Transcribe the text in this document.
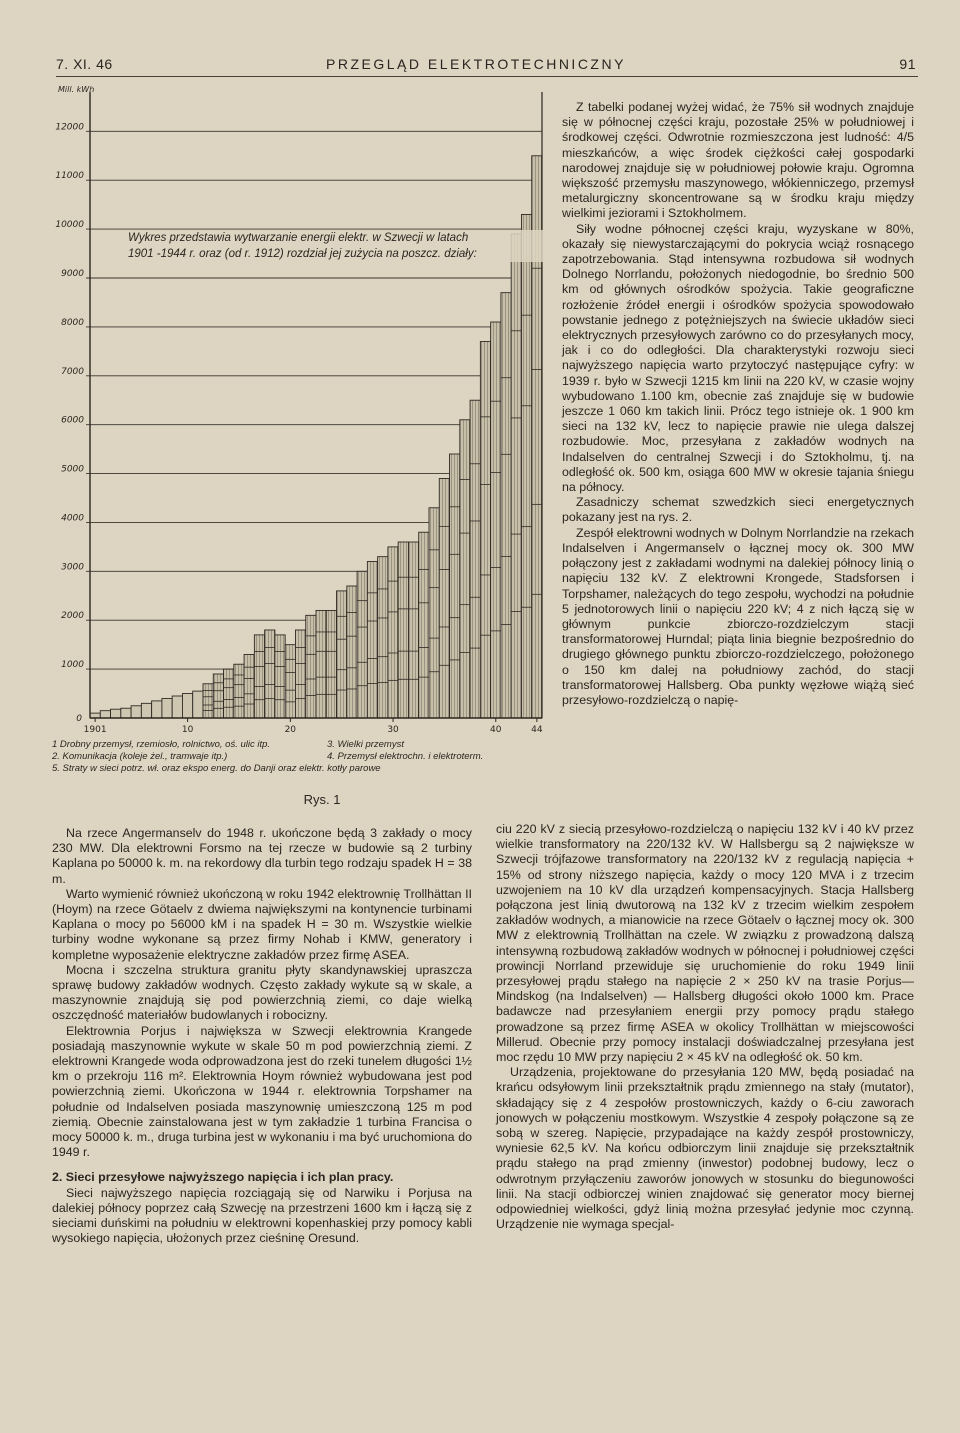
7. XI. 46	PRZEGLĄD ELEKTROTECHNICZNY	91
1000
2000
3000
4000
5000
6000
7000
8000
9000
10000
11000
12000
Mill. kWh
0
1901	10	20	30	40	44
Wykres przedstawia wytwarzanie energii elektr. w Szwecji w latach
1901 -1944 r. oraz (od r. 1912) rozdział jej zużycia na poszcz. działy:
1 Drobny przemysł, rzemiosło, rolnictwo, oś. ulic itp.	3. Wielki przemyst
2. Komunikacja (koleje żel., tramwaje itp.)	4. Przemysł elektrochn. i elektroterm.
5. Straty w sieci potrz. wł. oraz ekspo energ. do Danji oraz elektr. kotły parowe
Rys. 1

Z tabelki podanej wyżej widać, że 75% sił wodnych znajduje się w północnej części kraju, pozostałe 25% w południowej i środkowej części. Odwrotnie rozmieszczona jest ludność: 4/5 mieszkańców, a więc środek ciężkości całej gospodarki narodowej znajduje się w południowej połowie kraju. Ogromna większość przemysłu maszynowego, włókienniczego, przemysł metalurgiczny skoncentrowane są w środku kraju między wielkimi jeziorami i Sztokholmem.

Siły wodne północnej części kraju, wyzyskane w 80%, okazały się niewystarczającymi do pokrycia wciąż rosnącego zapotrzebowania. Stąd intensywna rozbudowa sił wodnych Dolnego Norrlandu, położonych niedogodnie, bo średnio 500 km od głównych ośrodków spożycia. Takie geograficzne rozłożenie źródeł energii i ośrodków spożycia spowodowało powstanie jednego z potężniejszych na świecie układów sieci elektrycznych przesyłowych zarówno co do przesyłanych mocy, jak i co do odległości. Dla charakterystyki rozwoju sieci najwyższego napięcia warto przytoczyć następujące cyfry: w 1939 r. było w Szwecji 1215 km linii na 220 kV, w czasie wojny wybudowano 1.100 km, obecnie zaś znajduje się w budowie jeszcze 1 060 km takich linii. Prócz tego istnieje ok. 1 900 km sieci na 132 kV, lecz to napięcie prawie nie ulega dalszej rozbudowie. Moc, przesyłana z zakładów wodnych na Indalselven do centralnej Szwecji i do Sztokholmu, tj. na odległość ok. 500 km, osiąga 600 MW w okresie tajania śniegu na północy.

Zasadniczy schemat szwedzkich sieci energetycznych pokazany jest na rys. 2.

Zespół elektrowni wodnych w Dolnym Norrlandzie na rzekach Indalselven i Angermanselv o łącznej mocy ok. 300 MW połączony jest z zakładami wodnymi na dalekiej północy linią o napięciu 132 kV. Z elektrowni Krongede, Stadsforsen i Torpshamer, należących do tego zespołu, wychodzi na południe 5 jednotorowych linii o napięciu 220 kV; 4 z nich łączą się w głównym punkcie zbiorczo-rozdzielczym stacji transformatorowej Hurndal; piąta linia biegnie bezpośrednio do drugiego głównego punktu zbiorczo-rozdzielczego, położonego o 150 km dalej na południowy zachód, do stacji transformatorowej Hallsberg. Oba punkty węzłowe wiążą sieć przesyłowo-rozdzielczą o napię-

Na rzece Angermanselv do 1948 r. ukończone będą 3 zakłady o mocy 230 MW. Dla elektrowni Forsmo na tej rzecze w budowie są 2 turbiny Kaplana po 50000 k. m. na rekordowy dla turbin tego rodzaju spadek H = 38 m.

Warto wymienić również ukończoną w roku 1942 elektrownię Trollhättan II (Hoym) na rzece Götaelv z dwiema największymi na kontynencie turbinami Kaplana o mocy po 56000 kM i na spadek H = 30 m. Wszystkie wielkie turbiny wodne wykonane są przez firmy Nohab i KMW, generatory i kompletne wyposażenie elektryczne zakładów przez firmę ASEA.

Mocna i szczelna struktura granitu płyty skandynawskiej upraszcza sprawę budowy zakładów wodnych. Często zakłady wykute są w skale, a maszynownie znajdują się pod powierzchnią ziemi, co daje wielką oszczędność materiałów budowlanych i robocizny.

Elektrownia Porjus i największa w Szwecji elektrownia Krangede posiadają maszynownie wykute w skale 50 m pod powierzchnią ziemi. Z elektrowni Krangede woda odprowadzona jest do rzeki tunelem długości 1½ km o przekroju 116 m². Elektrownia Hoym również wybudowana jest pod powierzchnią ziemi. Ukończona w 1944 r. elektrownia Torpshamer na południe od Indalselven posiada maszynownię umieszczoną 125 m pod ziemią. Obecnie zainstalowana jest w tym zakładzie 1 turbina Francisa o mocy 50000 k. m., druga turbina jest w wykonaniu i ma być uruchomiona do 1949 r.

2. Sieci przesyłowe najwyższego napięcia i ich plan pracy.

Sieci najwyższego napięcia rozciągają się od Narwiku i Porjusa na dalekiej północy poprzez całą Szwecję na przestrzeni 1600 km i łączą się z sieciami duńskimi na południu w elektrowni kopenhaskiej przy pomocy kabli wysokiego napięcia, ułożonych przez cieśninę Oresund.

ciu 220 kV z siecią przesyłowo-rozdzielczą o napięciu 132 kV i 40 kV przez wielkie transformatory na 220/132 kV. W Hallsbergu są 2 największe w Szwecji trójfazowe transformatory na 220/132 kV z regulacją napięcia + 15% od strony niższego napięcia, każdy o mocy 120 MVA i z trzecim uzwojeniem na 10 kV dla urządzeń kompensacyjnych. Stacja Hallsberg połączona jest linią dwutorową na 132 kV z trzecim wielkim zespołem zakładów wodnych, a mianowicie na rzece Götaelv o łącznej mocy ok. 300 MW z elektrownią Trollhättan na czele. W związku z prowadzoną dalszą intensywną rozbudową zakładów wodnych w północnej i południowej części prowincji Norrland przewiduje się uruchomienie do roku 1949 linii przesyłowej prądu stałego na napięcie 2 × 250 kV na trasie Porjus—Mindskog (na Indalselven) — Hallsberg długości około 1000 km. Prace badawcze nad przesyłaniem energii przy pomocy prądu stałego prowadzone są przez firmę ASEA w okolicy Trollhättan w miejscowości Millerud. Obecnie przy pomocy instalacji doświadczalnej przesyłana jest moc rzędu 10 MW przy napięciu 2 × 45 kV na odległość ok. 50 km.

Urządzenia, projektowane do przesyłania 120 MW, będą posiadać na krańcu odsyłowym linii przekształtnik prądu zmiennego na stały (mutator), składający się z 4 zespołów prostowniczych, każdy o 6-ciu zaworach jonowych w połączeniu mostkowym. Wszystkie 4 zespoły połączone są ze sobą w szereg. Napięcie, przypadające na każdy zespół prostowniczy, wyniesie 62,5 kV. Na końcu odbiorczym linii znajduje się przekształtnik prądu stałego na prąd zmienny (inwestor) podobnej budowy, lecz o odwrotnym przyłączeniu zaworów jonowych w stosunku do biegunowości linii. Na stacji odbiorczej winien znajdować się generator mocy biernej odpowiedniej wielkości, gdyż linią można przesyłać jedynie moc czynną. Urządzenie nie wymaga specjal-
